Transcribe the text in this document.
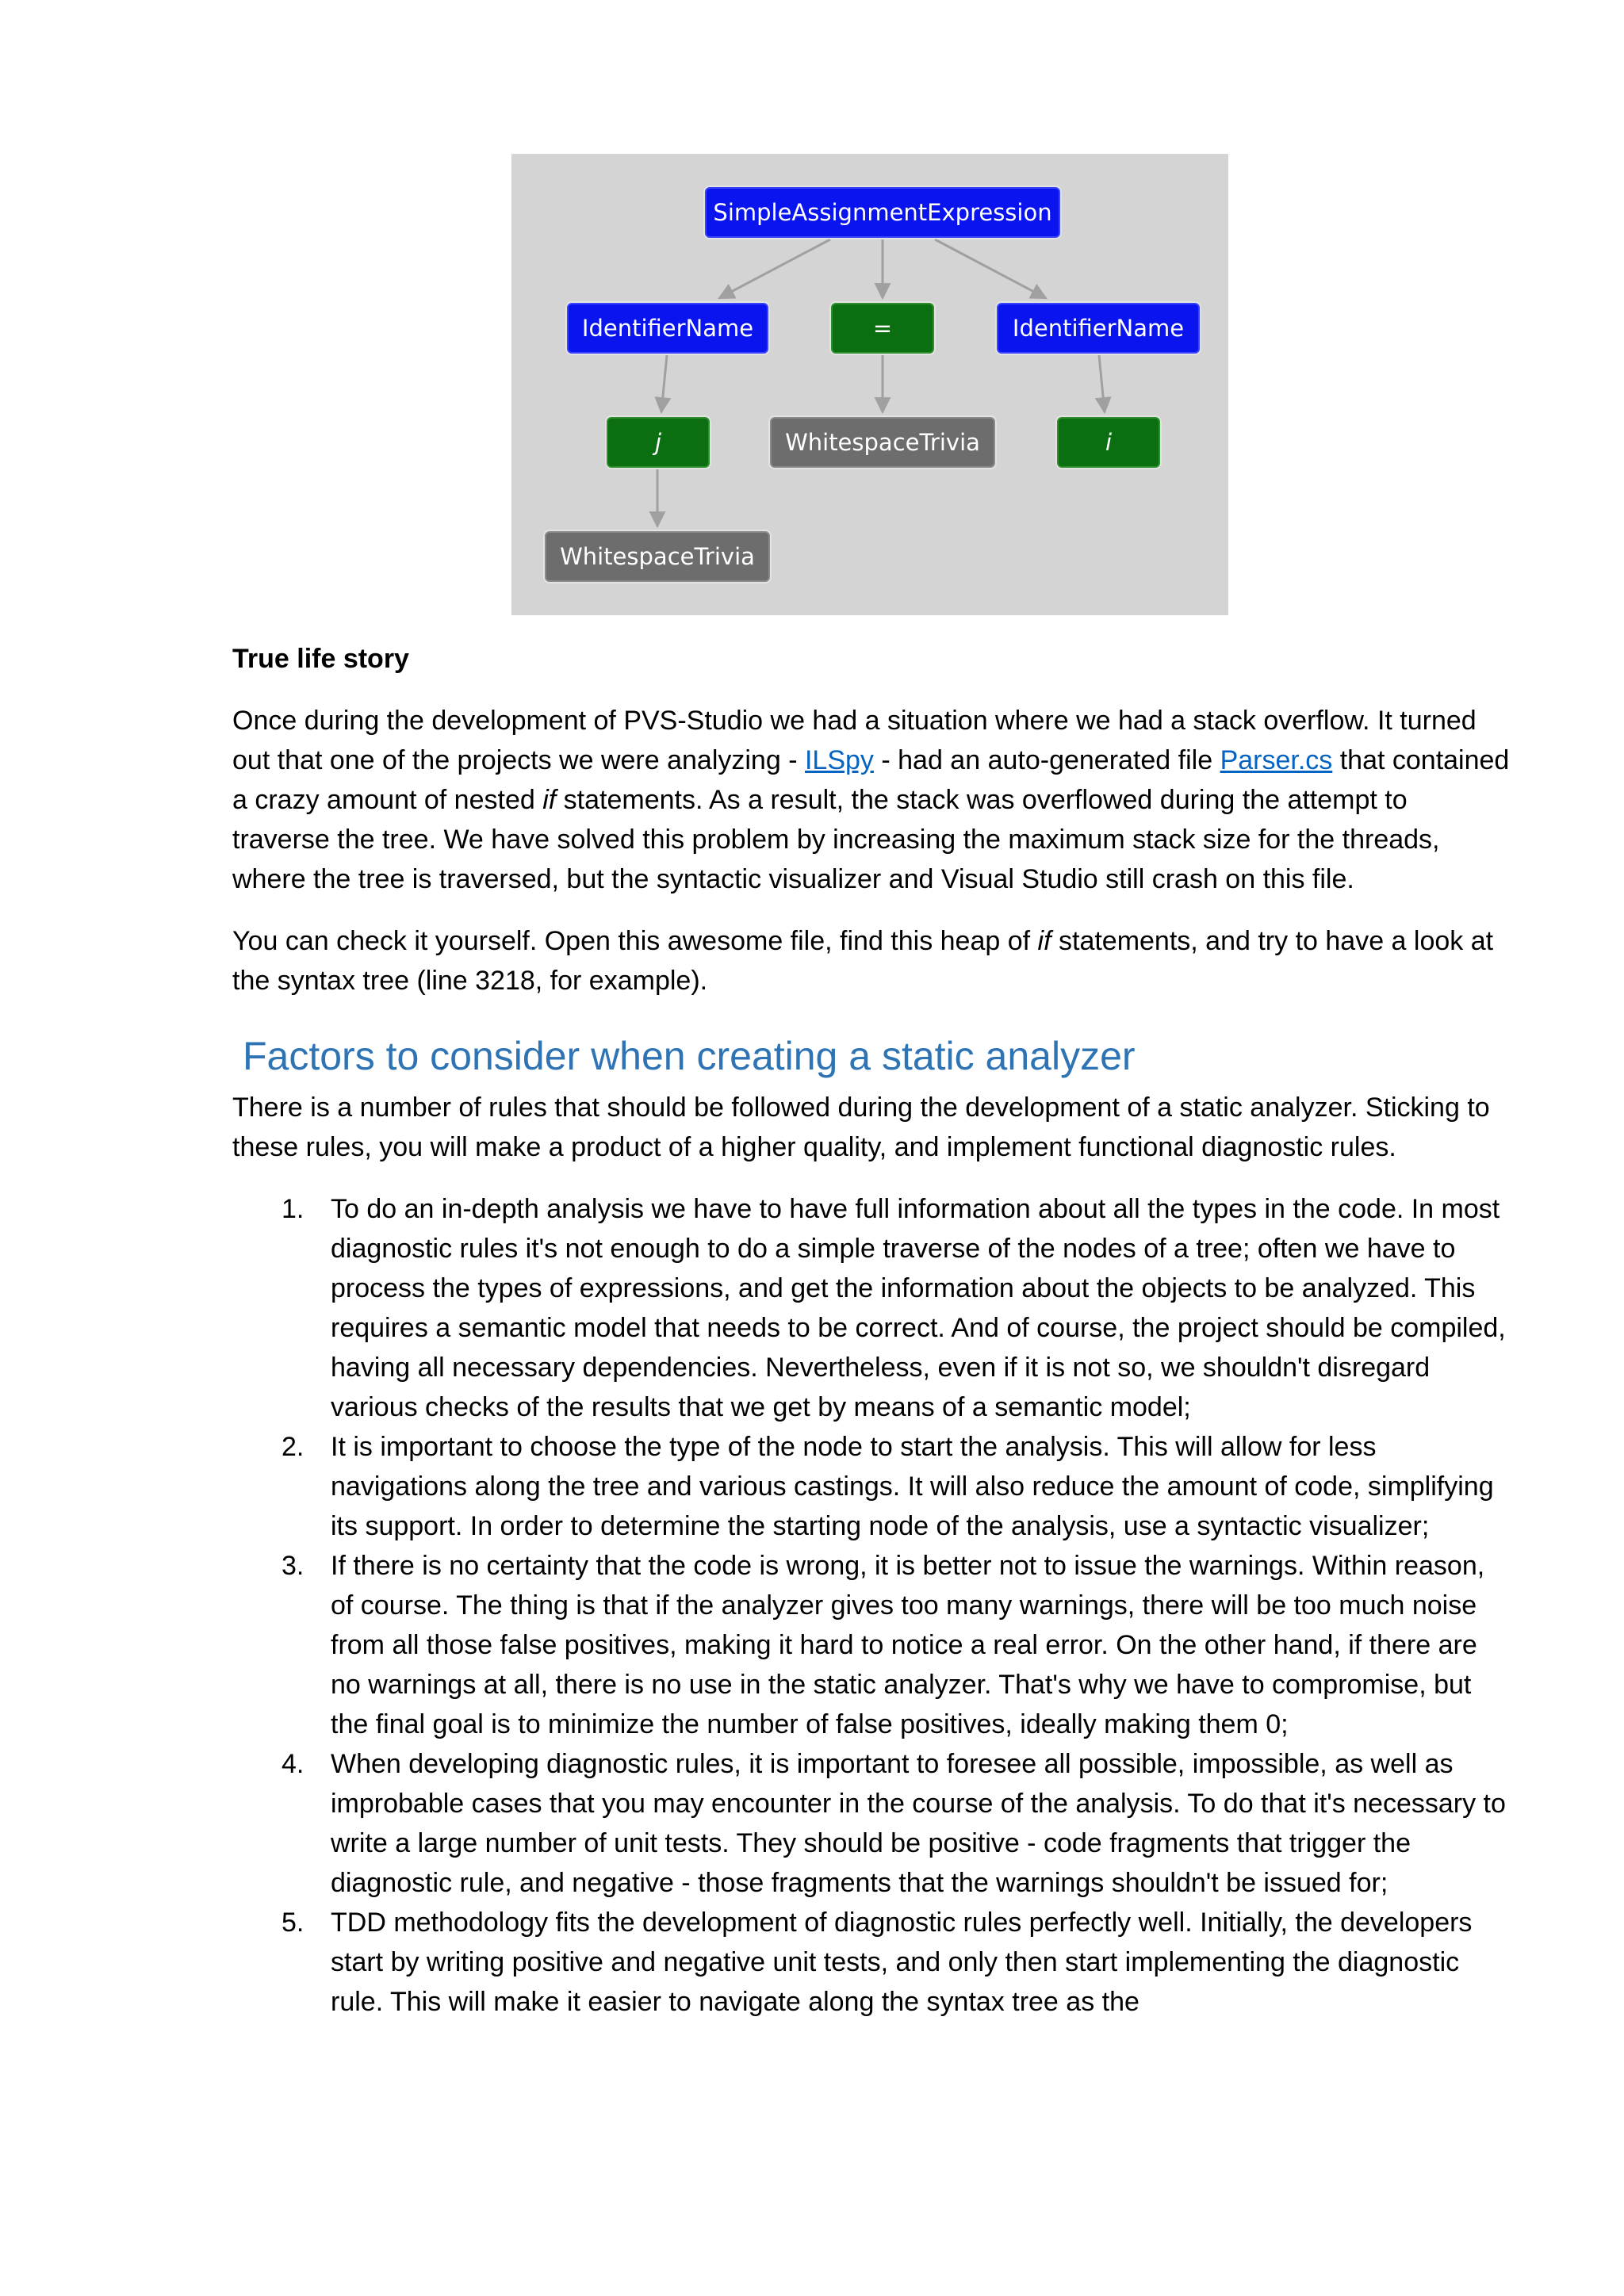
SimpleAssignmentExpression
IdentifierName	=	IdentifierName
j	WhitespaceTrivia	i
WhitespaceTrivia

True life story

Once during the development of PVS-Studio we had a situation where we had a stack overflow. It turned out that one of the projects we were analyzing - ILSpy - had an auto-generated file Parser.cs that contained a crazy amount of nested if statements. As a result, the stack was overflowed during the attempt to traverse the tree. We have solved this problem by increasing the maximum stack size for the threads, where the tree is traversed, but the syntactic visualizer and Visual Studio still crash on this file.

You can check it yourself. Open this awesome file, find this heap of if statements, and try to have a look at the syntax tree (line 3218, for example).

Factors to consider when creating a static analyzer

There is a number of rules that should be followed during the development of a static analyzer. Sticking to these rules, you will make a product of a higher quality, and implement functional diagnostic rules.

1. To do an in-depth analysis we have to have full information about all the types in the code. In most diagnostic rules it's not enough to do a simple traverse of the nodes of a tree; often we have to process the types of expressions, and get the information about the objects to be analyzed. This requires a semantic model that needs to be correct. And of course, the project should be compiled, having all necessary dependencies. Nevertheless, even if it is not so, we shouldn't disregard various checks of the results that we get by means of a semantic model;
2. It is important to choose the type of the node to start the analysis. This will allow for less navigations along the tree and various castings. It will also reduce the amount of code, simplifying its support. In order to determine the starting node of the analysis, use a syntactic visualizer;
3. If there is no certainty that the code is wrong, it is better not to issue the warnings. Within reason, of course. The thing is that if the analyzer gives too many warnings, there will be too much noise from all those false positives, making it hard to notice a real error. On the other hand, if there are no warnings at all, there is no use in the static analyzer. That's why we have to compromise, but the final goal is to minimize the number of false positives, ideally making them 0;
4. When developing diagnostic rules, it is important to foresee all possible, impossible, as well as improbable cases that you may encounter in the course of the analysis. To do that it's necessary to write a large number of unit tests. They should be positive - code fragments that trigger the diagnostic rule, and negative - those fragments that the warnings shouldn't be issued for;
5. TDD methodology fits the development of diagnostic rules perfectly well. Initially, the developers start by writing positive and negative unit tests, and only then start implementing the diagnostic rule. This will make it easier to navigate along the syntax tree as the
